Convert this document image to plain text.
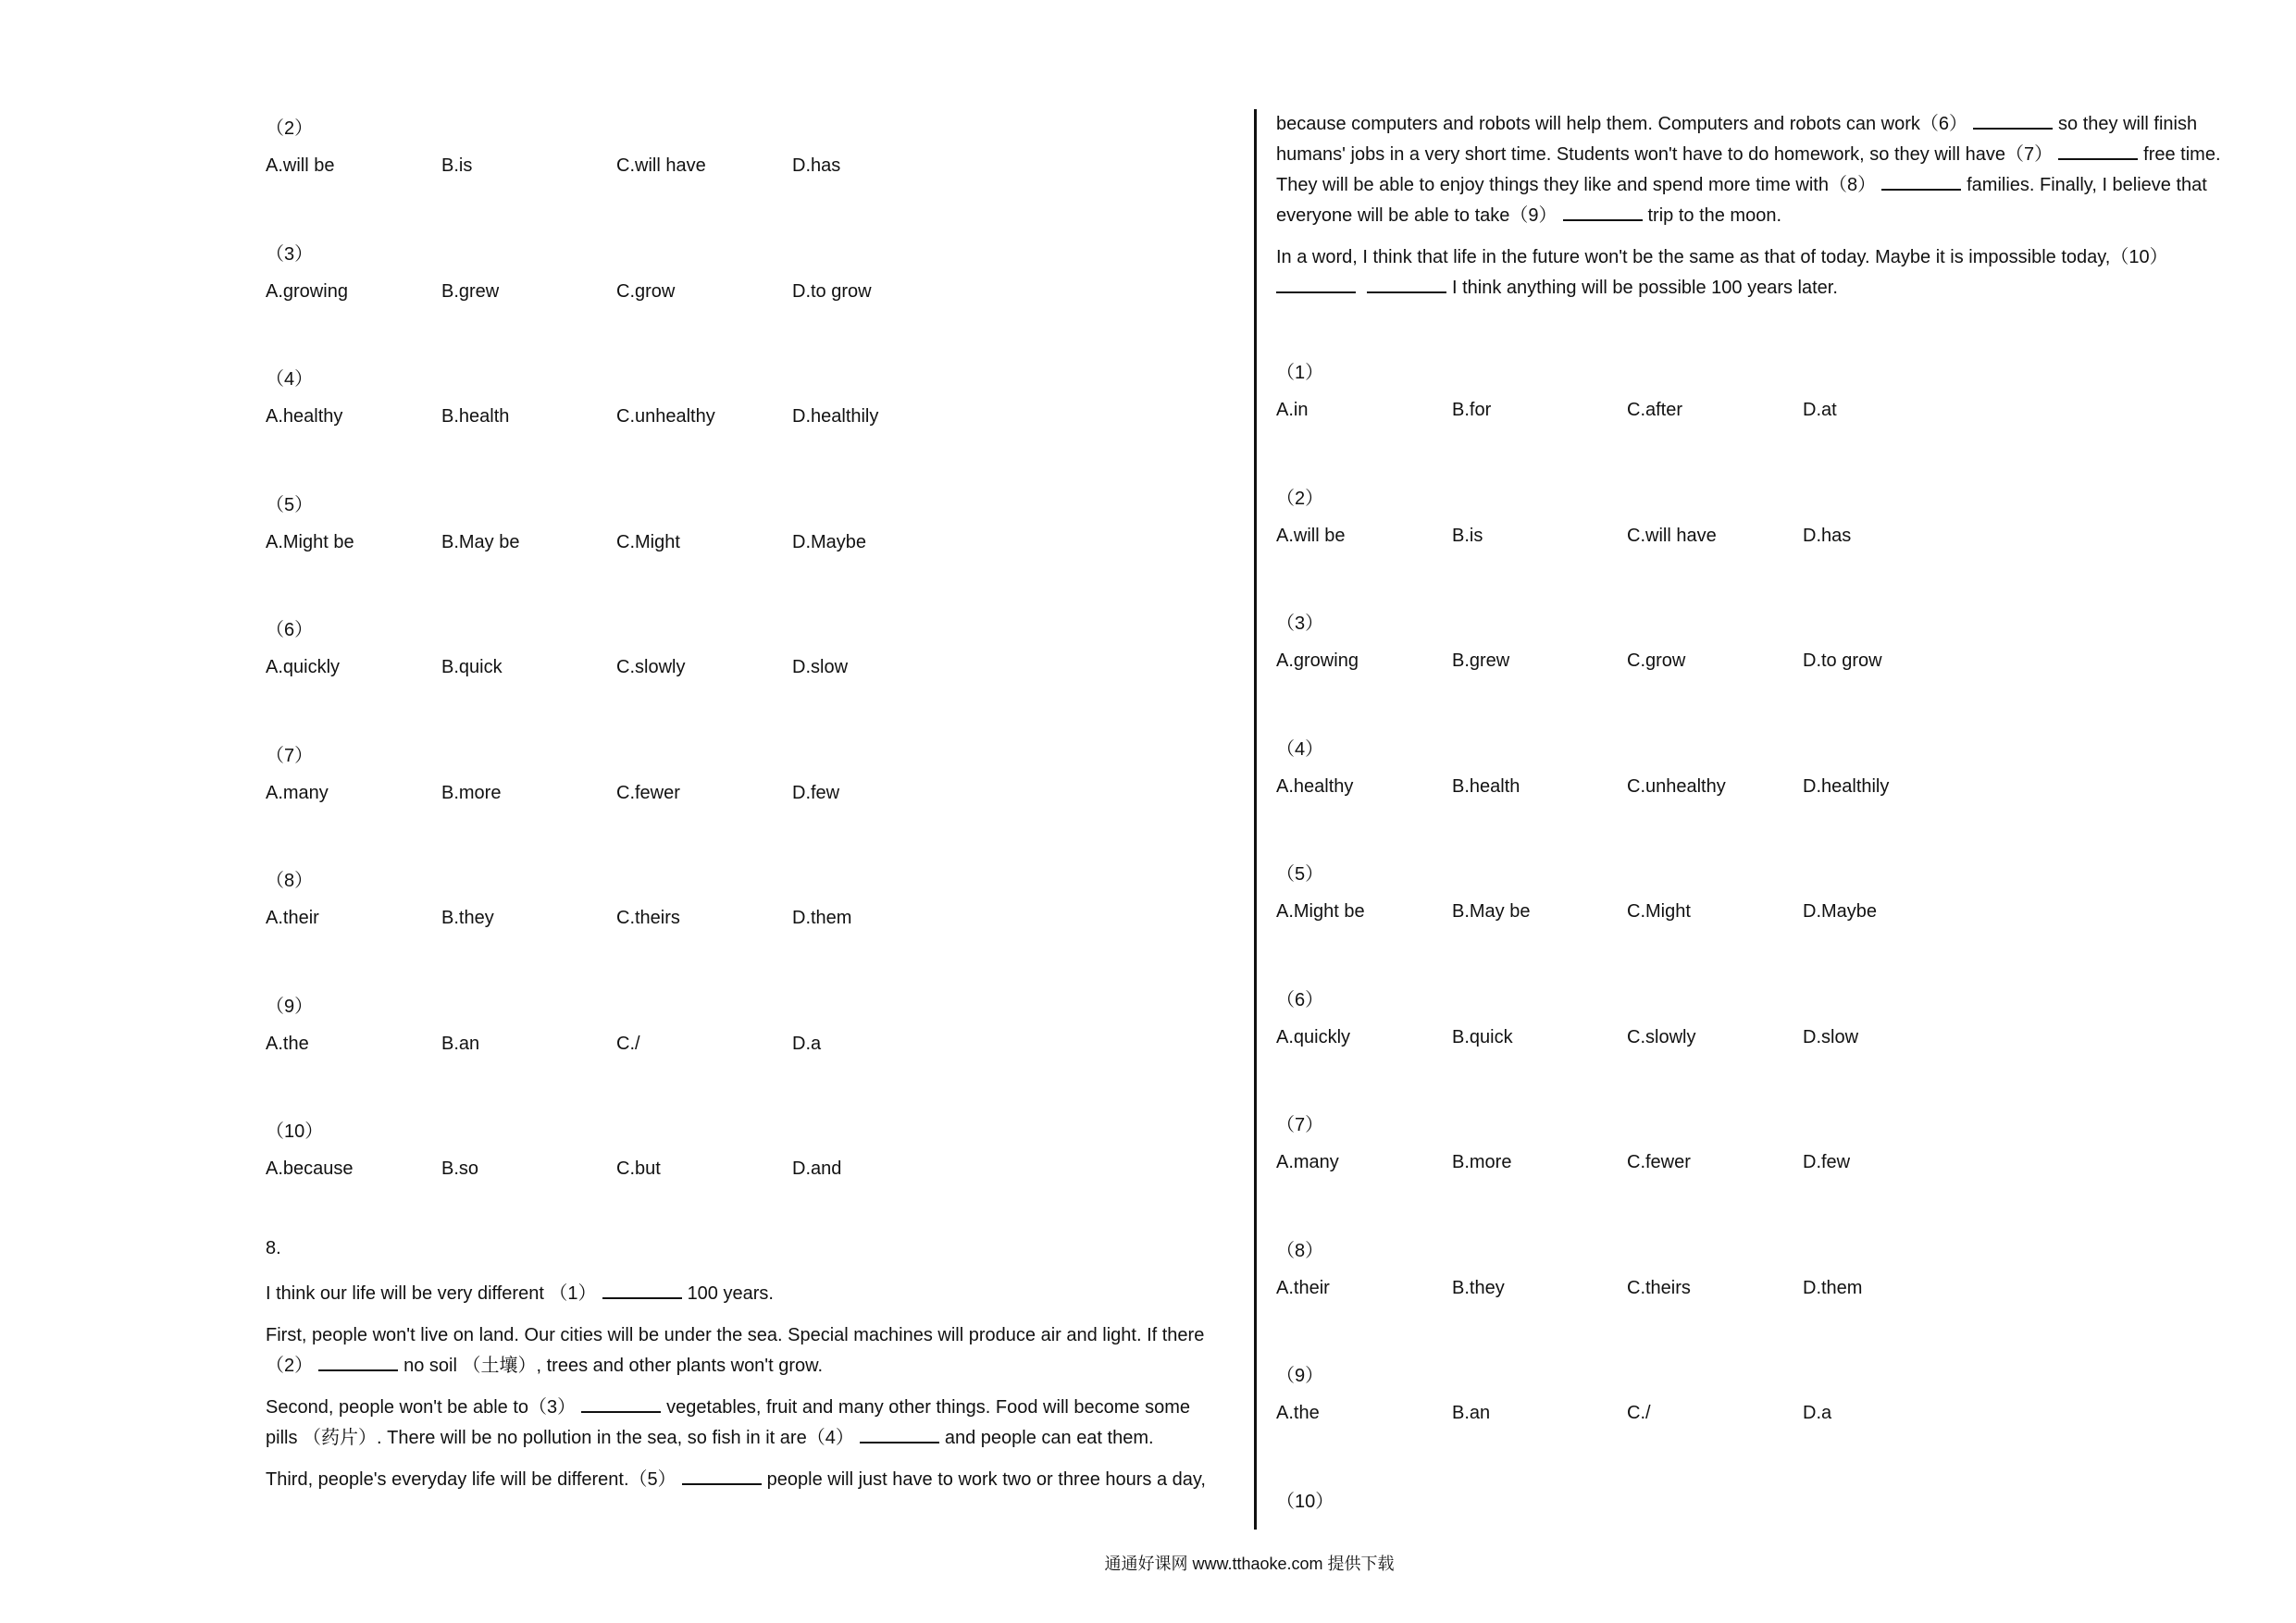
（2）
A.will be	B.is	C.will have	D.has
（3）
A.growing	B.grew	C.grow	D.to grow
（4）
A.healthy	B.health	C.unhealthy	D.healthily
（5）
A.Might be	B.May be	C.Might	D.Maybe
（6）
A.quickly	B.quick	C.slowly	D.slow
（7）
A.many	B.more	C.fewer	D.few
（8）
A.their	B.they	C.theirs	D.them
（9）
A.the	B.an	C./	D.a
（10）
A.because	B.so	C.but	D.and
8.
I think our life will be very different （1）	100 years.
First, people won't live on land. Our cities will be under the sea. Special machines will produce air and light. If there
（2）	no soil （土壤）, trees and other plants won't grow.
Second, people won't be able to（3）	vegetables, fruit and many other things. Food will become some
pills （药片）. There will be no pollution in the sea, so fish in it are（4）	and people can eat them.
Third, people's everyday life will be different.（5）	people will just have to work two or three hours a day,
because computers and robots will help them. Computers and robots can work（6）	so they will finish
humans' jobs in a very short time. Students won't have to do homework, so they will have（7）	free time.
They will be able to enjoy things they like and spend more time with（8）	families. Finally, I believe that
everyone will be able to take（9）	trip to the moon.
In a word, I think that life in the future won't be the same as that of today. Maybe it is impossible today,（10）
I think anything will be possible 100 years later.
（1）
A.in	B.for	C.after	D.at
（2）
A.will be	B.is	C.will have	D.has
（3）
A.growing	B.grew	C.grow	D.to grow
（4）
A.healthy	B.health	C.unhealthy	D.healthily
（5）
A.Might be	B.May be	C.Might	D.Maybe
（6）
A.quickly	B.quick	C.slowly	D.slow
（7）
A.many	B.more	C.fewer	D.few
（8）
A.their	B.they	C.theirs	D.them
（9）
A.the	B.an	C./	D.a
（10）
通通好课网 www.tthaoke.com 提供下载
